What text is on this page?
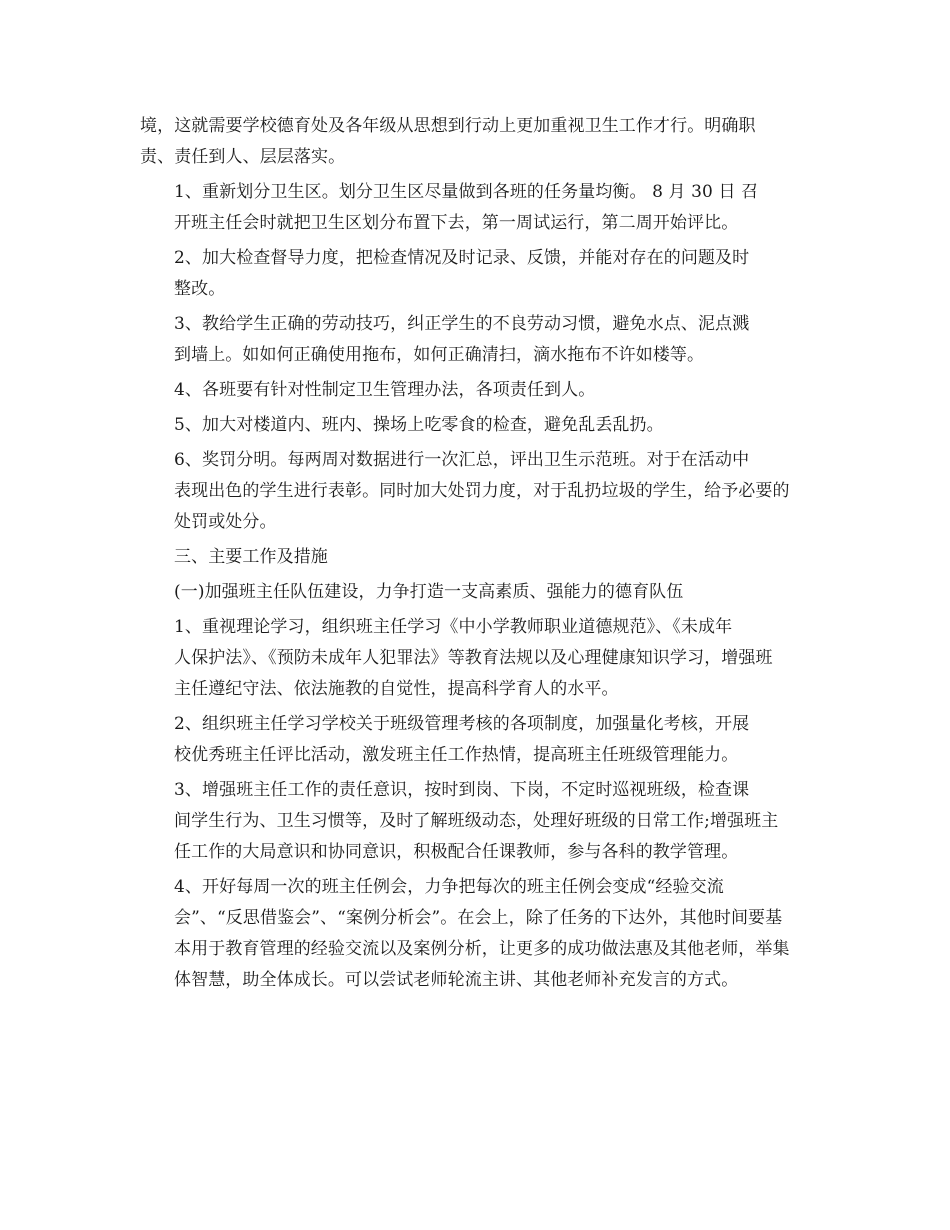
境，这就需要学校德育处及各年级从思想到行动上更加重视卫生工作才行。明确职
责、责任到人、层层落实。

1、重新划分卫生区。划分卫生区尽量做到各班的任务量均衡。 8 月 30 日 召
开班主任会时就把卫生区划分布置下去，第一周试运行，第二周开始评比。

2、加大检查督导力度，把检查情况及时记录、反馈，并能对存在的问题及时
整改。

3、教给学生正确的劳动技巧，纠正学生的不良劳动习惯，避免水点、泥点溅
到墙上。如如何正确使用拖布，如何正确清扫，滴水拖布不许如楼等。

4、各班要有针对性制定卫生管理办法，各项责任到人。

5、加大对楼道内、班内、操场上吃零食的检查，避免乱丢乱扔。

6、奖罚分明。每两周对数据进行一次汇总，评出卫生示范班。对于在活动中
表现出色的学生进行表彰。同时加大处罚力度，对于乱扔垃圾的学生，给予必要的
处罚或处分。

三、主要工作及措施

(一)加强班主任队伍建设，力争打造一支高素质、强能力的德育队伍

1、重视理论学习，组织班主任学习《中小学教师职业道德规范》、《未成年
人保护法》、《预防未成年人犯罪法》等教育法规以及心理健康知识学习，增强班
主任遵纪守法、依法施教的自觉性，提高科学育人的水平。

2、组织班主任学习学校关于班级管理考核的各项制度，加强量化考核，开展
校优秀班主任评比活动，激发班主任工作热情，提高班主任班级管理能力。

3、增强班主任工作的责任意识，按时到岗、下岗，不定时巡视班级，检查课
间学生行为、卫生习惯等，及时了解班级动态，处理好班级的日常工作;增强班主
任工作的大局意识和协同意识，积极配合任课教师，参与各科的教学管理。

4、开好每周一次的班主任例会，力争把每次的班主任例会变成“经验交流
会”、“反思借鉴会”、“案例分析会”。在会上，除了任务的下达外，其他时间要基
本用于教育管理的经验交流以及案例分析，让更多的成功做法惠及其他老师，举集
体智慧，助全体成长。可以尝试老师轮流主讲、其他老师补充发言的方式。
